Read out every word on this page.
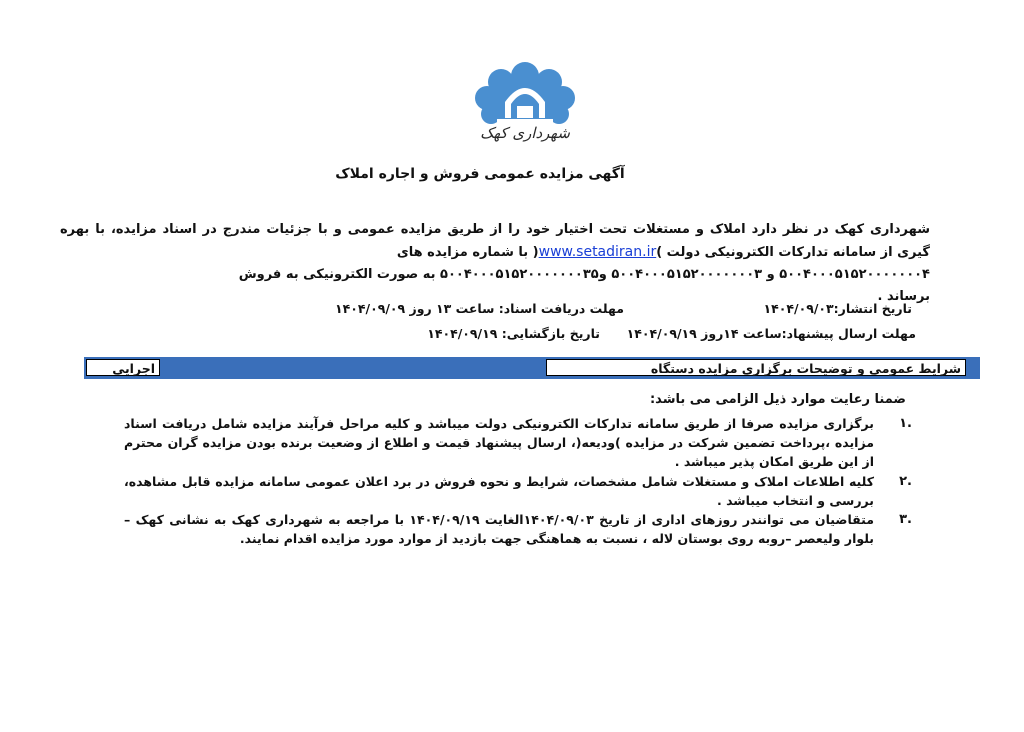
شهرداری کهک
آگهی مزایده عمومی فروش و اجاره املاک
شهرداری کهک در نظر دارد املاک و مستغلات تحت اختیار خود را از طریق مزایده عمومی و با جزئیات مندرج در اسناد مزایده، با بهره گیری از سامانه تدارکات الکترونیکی دولت )www.setadiran.ir( با شماره مزایده های
۵۰۰۴۰۰۰۵۱۵۲۰۰۰۰۰۰۰۴ و ۵۰۰۴۰۰۰۵۱۵۲۰۰۰۰۰۰۰۳ و۵۰۰۴۰۰۰۵۱۵۲۰۰۰۰۰۰۰۳۵ به صورت الکترونیکی به فروش
برساند .
تاریخ انتشار:۱۴۰۴/۰۹/۰۳
مهلت دریافت اسناد: ساعت ۱۳ روز ۱۴۰۴/۰۹/۰۹
مهلت ارسال پیشنهاد:ساعت ۱۴روز ۱۴۰۴/۰۹/۱۹
تاریخ بازگشایی: ۱۴۰۴/۰۹/۱۹
شرایط عمومی و توضیحات برگزاری مزایده دستگاه
اجرایی
ضمنا رعایت موارد ذیل الزامی می باشد:
.۱
برگزاری مزایده صرفا از طریق سامانه تدارکات الکترونیکی دولت میباشد و کلیه مراحل فرآیند مزایده شامل دریافت اسناد مزایده ،پرداخت تضمین شرکت در مزایده )ودیعه(، ارسال پیشنهاد قیمت و اطلاع از وضعیت برنده بودن مزایده گران محترم از این طریق امکان پذیر میباشد .
.۲
کلیه اطلاعات املاک و مستغلات شامل مشخصات، شرایط و نحوه فروش در برد اعلان عمومی سامانه مزایده قابل مشاهده، بررسی و انتخاب میباشد .
.۳
متقاضیان می توانندر روزهای اداری از تاریخ ۱۴۰۴/۰۹/۰۳الغایت ۱۴۰۴/۰۹/۱۹ با مراجعه به شهرداری کهک به نشانی کهک –بلوار ولیعصر –روبه روی بوستان لاله ، نسبت به هماهنگی جهت بازدید از موارد مورد مزایده اقدام نمایند.
